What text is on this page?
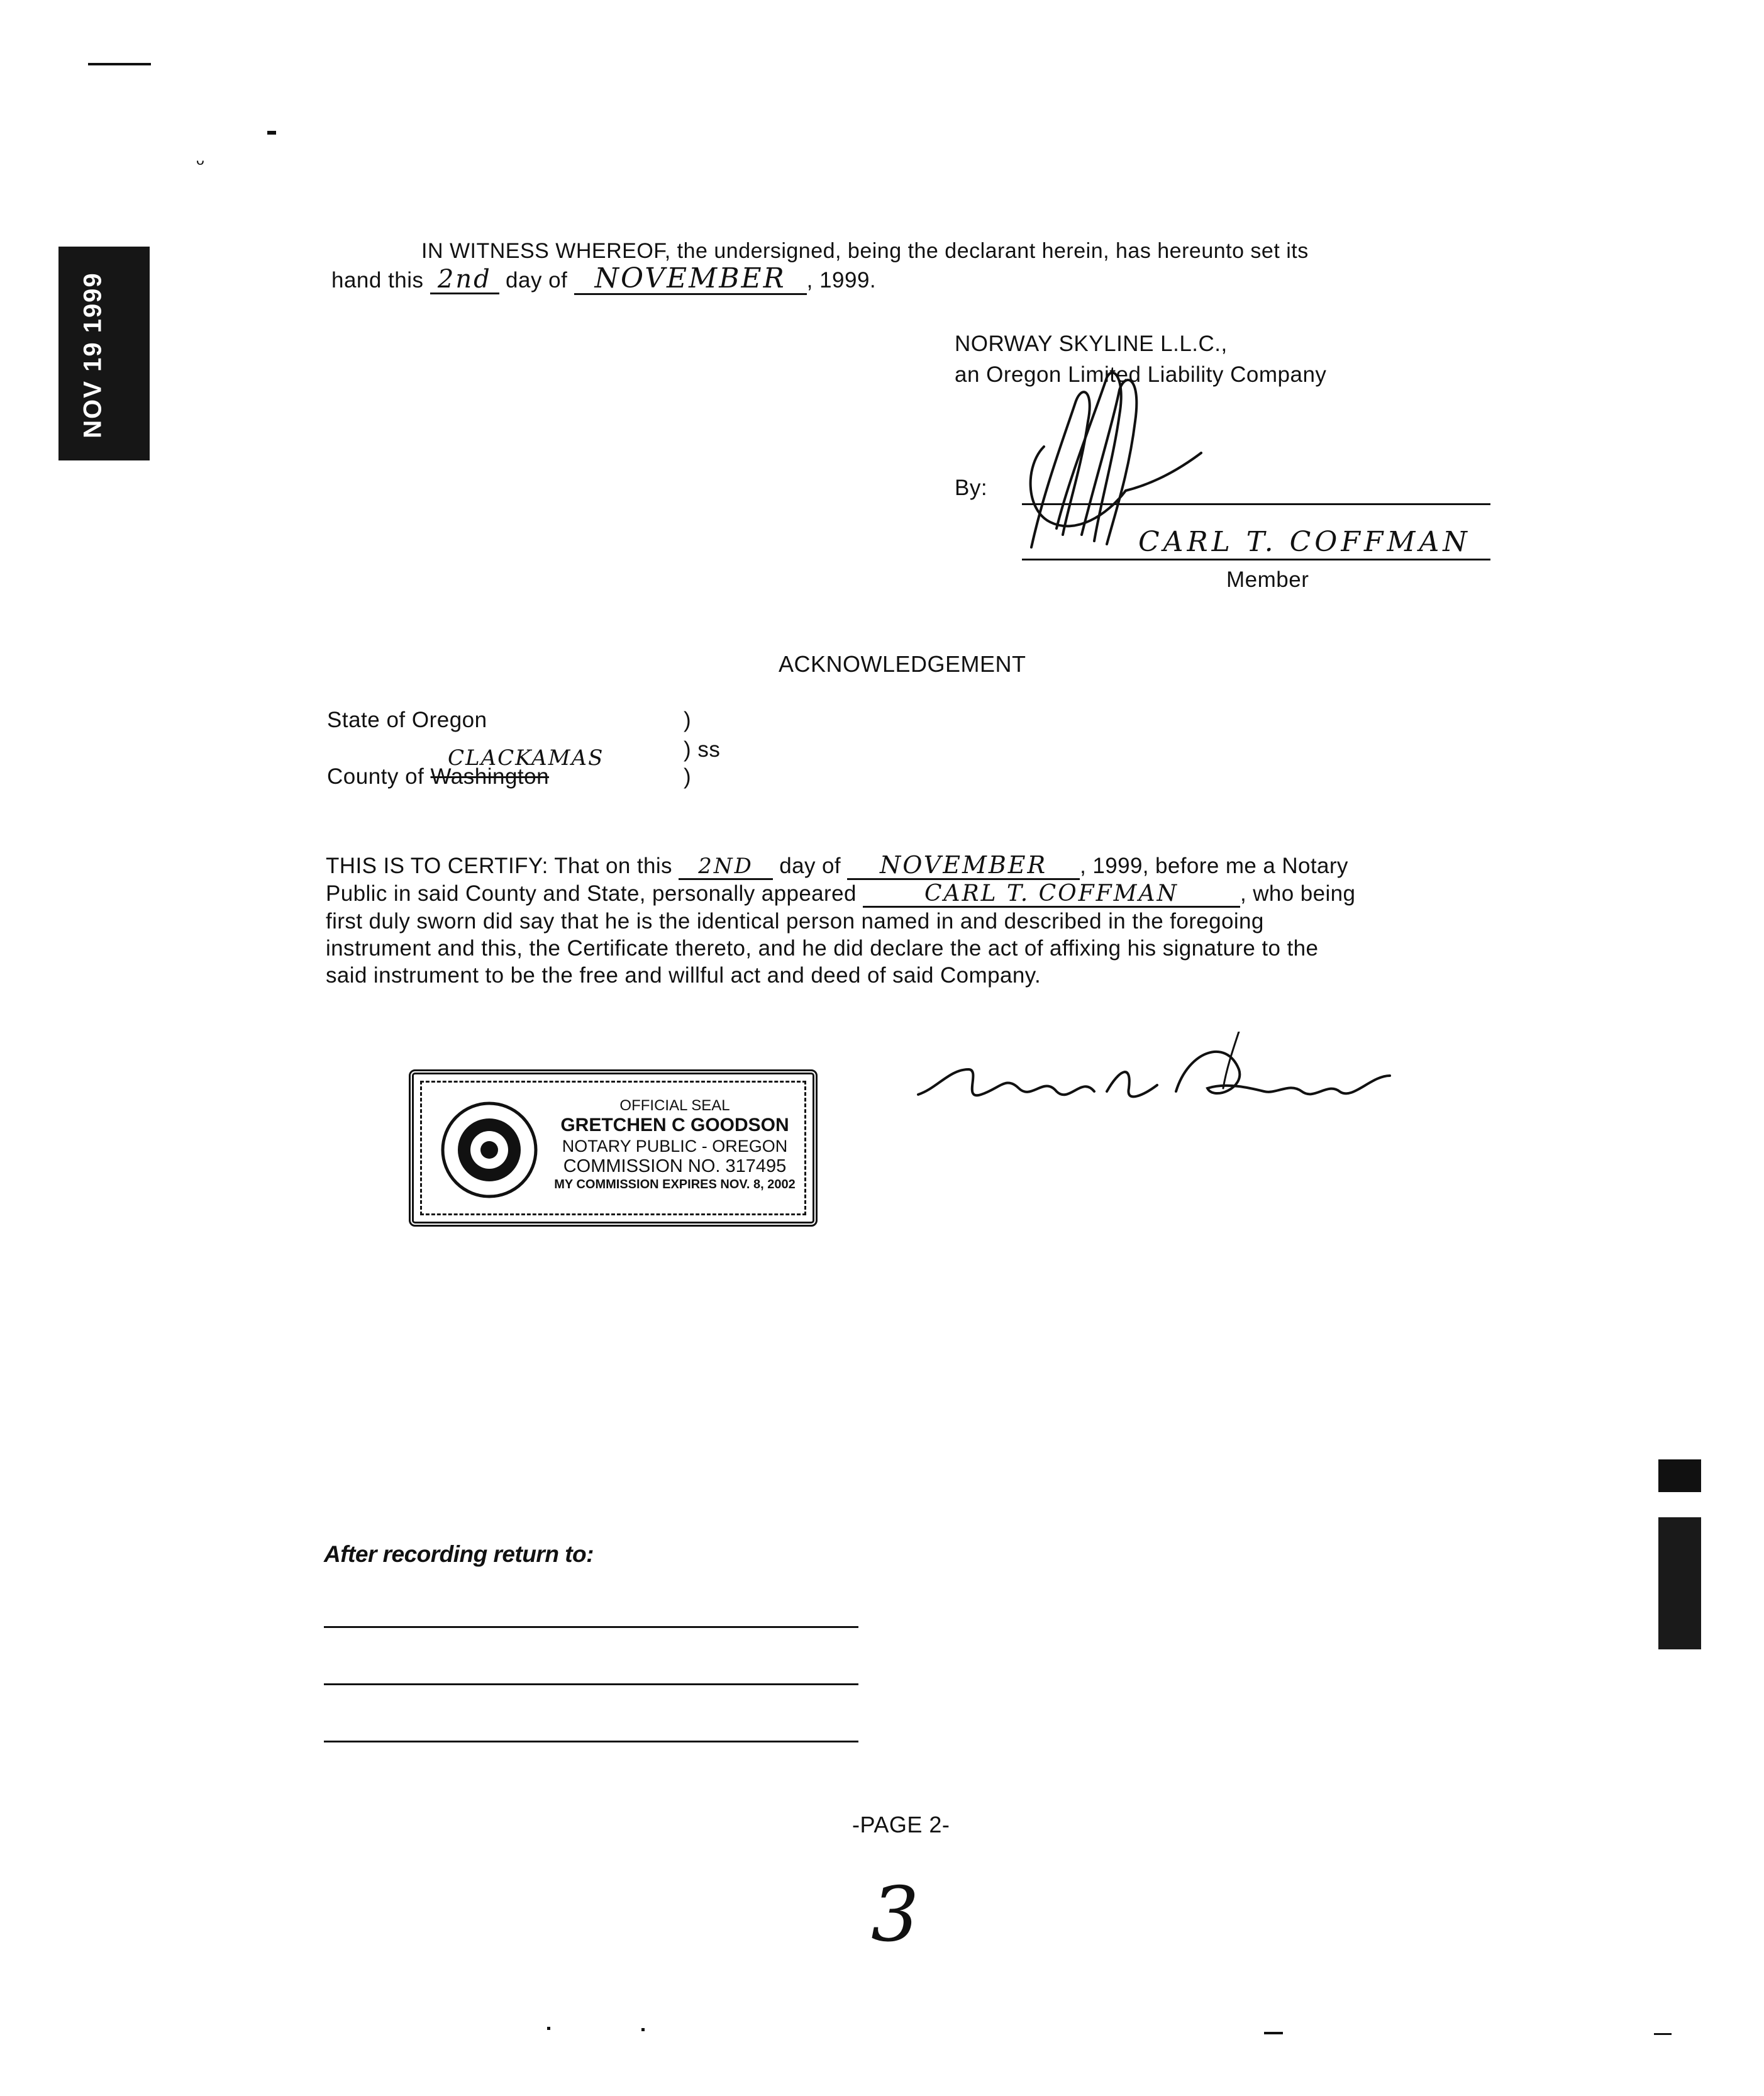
ᵕ
NOV 19 1999
IN WITNESS WHEREOF, the undersigned, being the declarant herein, has hereunto set its
hand this 2nd day of NOVEMBER , 1999.
NORWAY SKYLINE L.L.C.,
an Oregon Limited Liability Company
By:
CARL T. COFFMAN
Member
ACKNOWLEDGEMENT
State of Oregon	)
CLACKAMAS	) ss
County of Washington	)
THIS IS TO CERTIFY: That on this 2ND day of NOVEMBER , 1999, before me a Notary
Public in said County and State, personally appeared	CARL T. COFFMAN	, who being
first duly sworn did say that he is the identical person named in and described in the foregoing
instrument and this, the Certificate thereto, and he did declare the act of affixing his signature to the
said instrument to be the free and willful act and deed of said Company.
OFFICIAL SEAL
GRETCHEN C GOODSON
NOTARY PUBLIC - OREGON
COMMISSION NO. 317495
MY COMMISSION EXPIRES NOV. 8, 2002
After recording return to:
-PAGE 2-
3
